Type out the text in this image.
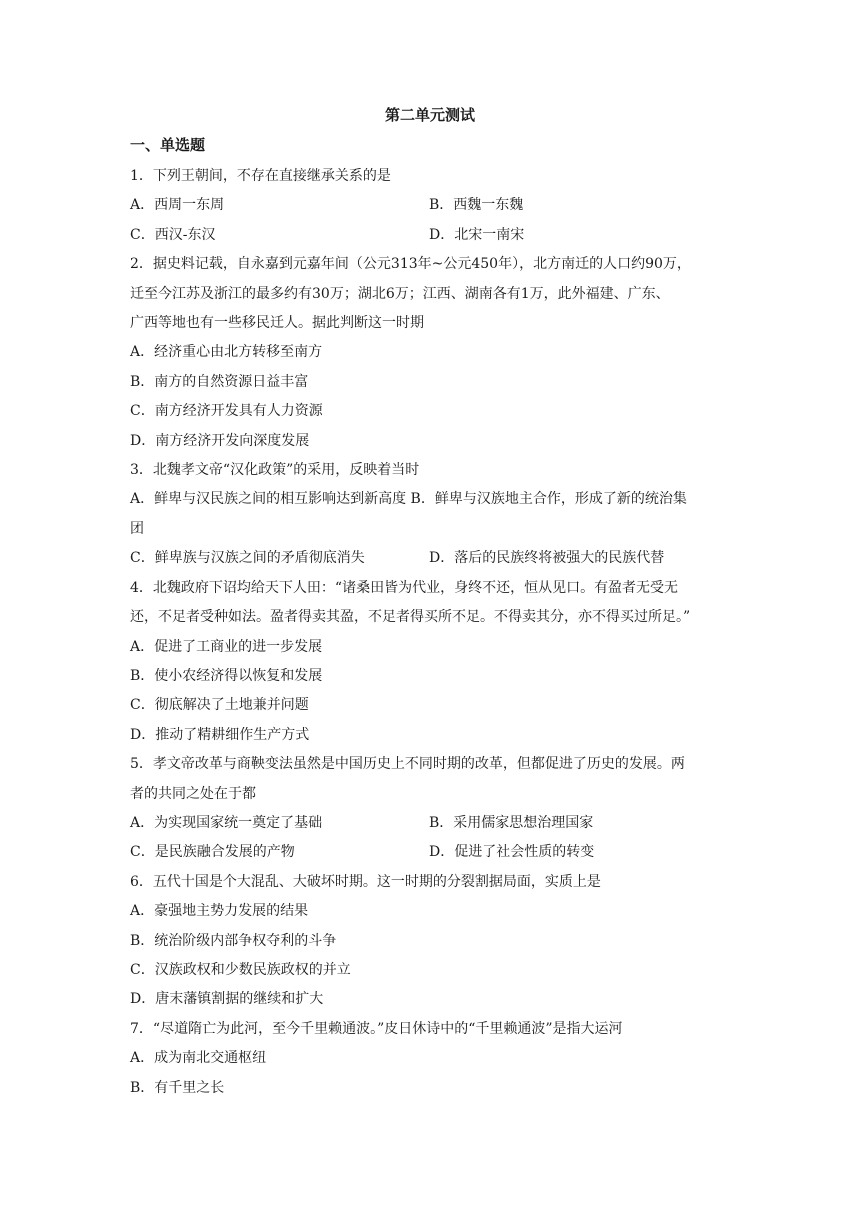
第二单元测试
一、单选题
1．下列王朝间，不存在直接继承关系的是
A．西周一东周	B．西魏一东魏
C．西汉-东汉	D．北宋一南宋
2．据史料记载，自永嘉到元嘉年间（公元313年~公元450年），北方南迁的人口约90万，
迁至今江苏及浙江的最多约有30万；湖北6万；江西、湖南各有1万，此外福建、广东、
广西等地也有一些移民迁人。据此判断这一时期
A．经济重心由北方转移至南方
B．南方的自然资源日益丰富
C．南方经济开发具有人力资源
D．南方经济开发向深度发展
3．北魏孝文帝“汉化政策”的采用，反映着当时
A．鲜卑与汉民族之间的相互影响达到新高度 B．鲜卑与汉族地主合作，形成了新的统治集
团
C．鲜卑族与汉族之间的矛盾彻底消失	D．落后的民族终将被强大的民族代替
4．北魏政府下诏均给天下人田：“诸桑田皆为代业，身终不还，恒从见口。有盈者无受无
还，不足者受种如法。盈者得卖其盈，不足者得买所不足。不得卖其分，亦不得买过所足。”
A．促进了工商业的进一步发展
B．使小农经济得以恢复和发展
C．彻底解决了土地兼并问题
D．推动了精耕细作生产方式
5．孝文帝改革与商鞅变法虽然是中国历史上不同时期的改革，但都促进了历史的发展。两
者的共同之处在于都
A．为实现国家统一奠定了基础	B．采用儒家思想治理国家
C．是民族融合发展的产物	D．促进了社会性质的转变
6．五代十国是个大混乱、大破坏时期。这一时期的分裂割据局面，实质上是
A．豪强地主势力发展的结果
B．统治阶级内部争权夺利的斗争
C．汉族政权和少数民族政权的并立
D．唐末藩镇割据的继续和扩大
7．“尽道隋亡为此河，至今千里赖通波。”皮日休诗中的“千里赖通波”是指大运河
A．成为南北交通枢纽
B．有千里之长
